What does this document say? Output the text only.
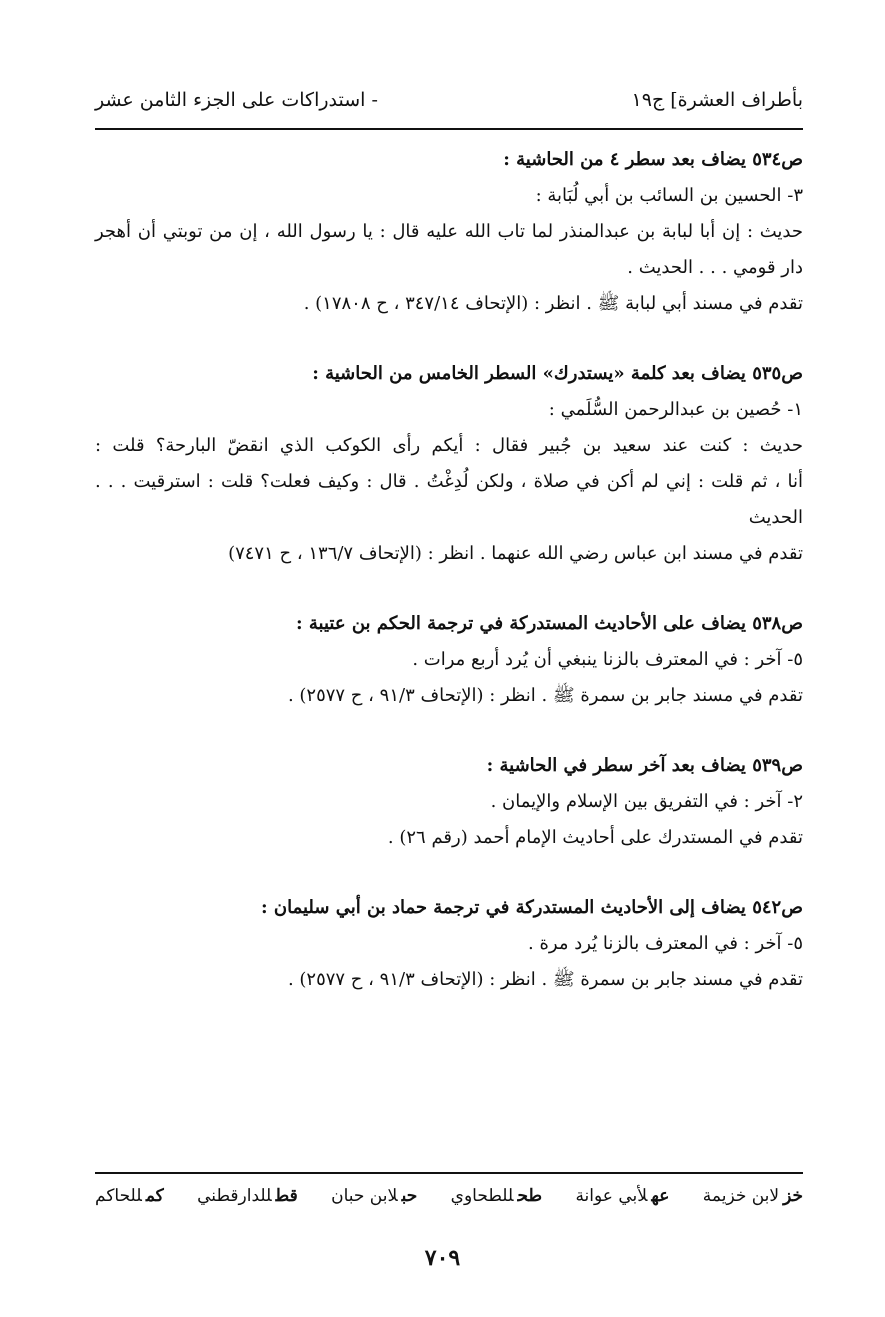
بأطراف العشرة] ج١٩
- استدراكات على الجزء الثامن عشر
ص٥٣٤ يضاف بعد سطر ٤ من الحاشية :
٣- الحسين بن السائب بن أبي لُبَابة :
حديث : إن أبا لبابة بن عبدالمنذر لما تاب الله عليه قال : يا رسول الله ، إن من توبتي أن أهجر
دار قومي . . . الحديث .
تقدم في مسند أبي لبابة ﷺ . انظر : (الإتحاف ٣٤٧/١٤ ، ح ١٧٨٠٨) .
ص٥٣٥ يضاف بعد كلمة «يستدرك» السطر الخامس من الحاشية :
١- حُصين بن عبدالرحمن السُّلَمي :
حديث : كنت عند سعيد بن جُبير فقال : أيكم رأى الكوكب الذي انقضّ البارحة؟ قلت :
أنا ، ثم قلت : إني لم أكن في صلاة ، ولكن لُدِغْتُ . قال : وكيف فعلت؟ قلت : استرقيت . . .
الحديث
تقدم في مسند ابن عباس رضي الله عنهما . انظر : (الإتحاف ١٣٦/٧ ، ح ٧٤٧١)
ص٥٣٨ يضاف على الأحاديث المستدركة في ترجمة الحكم بن عتيبة :
٥- آخر : في المعترف بالزنا ينبغي أن يُرد أربع مرات .
تقدم في مسند جابر بن سمرة ﷺ . انظر : (الإتحاف ٩١/٣ ، ح ٢٥٧٧) .
ص٥٣٩ يضاف بعد آخر سطر في الحاشية :
٢- آخر : في التفريق بين الإسلام والإيمان .
تقدم في المستدرك على أحاديث الإمام أحمد (رقم ٢٦) .
ص٥٤٢ يضاف إلى الأحاديث المستدركة في ترجمة حماد بن أبي سليمان :
٥- آخر : في المعترف بالزنا يُرد مرة .
تقدم في مسند جابر بن سمرة ﷺ . انظر : (الإتحاف ٩١/٣ ، ح ٢٥٧٧) .
خزلابن خزيمة
عهلأبي عوانة
طحللطحاوي
حبلابن حبان
قطللدارقطني
كمللحاكم
٧٠٩
